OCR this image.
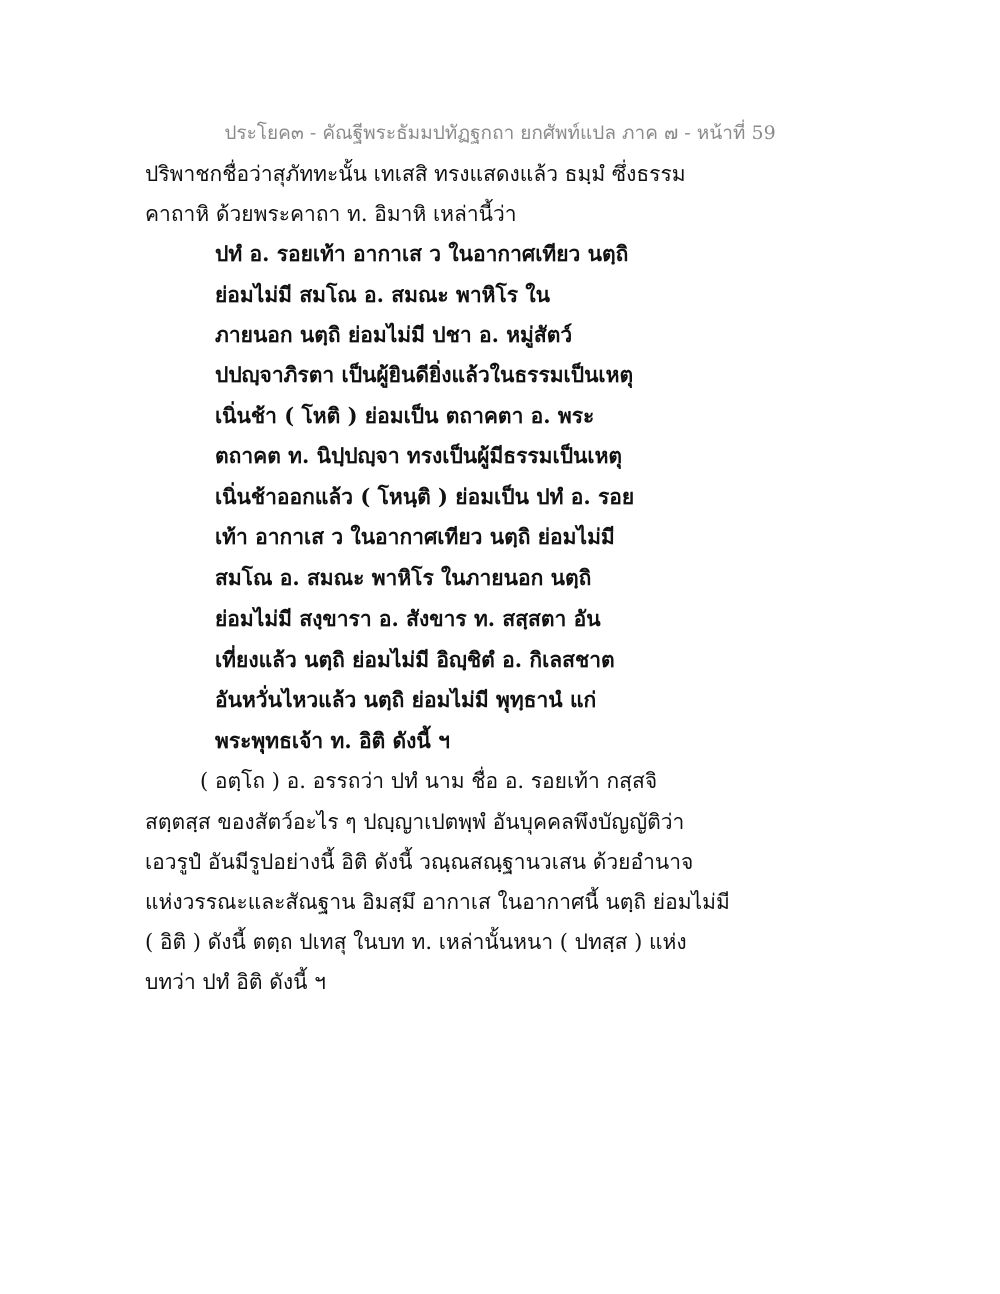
ประโยค๓ - คัณฐีพระธัมมปทัฏฐกถา ยกศัพท์แปล ภาค ๗ - หน้าที่ 59
ปริพาชกชื่อว่าสุภัททะนั้น เทเสสิ ทรงแสดงแล้ว ธมฺมํ ซึ่งธรรม
คาถาหิ ด้วยพระคาถา ท. อิมาหิ เหล่านี้ว่า
ปทํ อ. รอยเท้า อากาเส ว ในอากาศเทียว นตฺถิ
ย่อมไม่มี สมโณ อ. สมณะ พาหิโร ใน
ภายนอก นตฺถิ ย่อมไม่มี ปชา อ. หมู่สัตว์
ปปญฺจาภิรตา เป็นผู้ยินดียิ่งแล้วในธรรมเป็นเหตุ
เนิ่นช้า ( โหติ ) ย่อมเป็น ตถาคตา อ. พระ
ตถาคต ท. นิปฺปญฺจา ทรงเป็นผู้มีธรรมเป็นเหตุ
เนิ่นช้าออกแล้ว ( โหนฺติ ) ย่อมเป็น ปทํ อ. รอย
เท้า อากาเส ว ในอากาศเทียว นตฺถิ ย่อมไม่มี
สมโณ อ. สมณะ พาหิโร ในภายนอก นตฺถิ
ย่อมไม่มี สงฺขารา อ. สังขาร ท. สสฺสตา อัน
เที่ยงแล้ว นตฺถิ ย่อมไม่มี อิญฺชิตํ อ. กิเลสชาต
อันหวั่นไหวแล้ว นตฺถิ ย่อมไม่มี พุทฺธานํ แก่
พระพุทธเจ้า ท. อิติ ดังนี้ ฯ
( อตฺโถ ) อ. อรรถว่า ปทํ นาม ชื่อ อ. รอยเท้า กสฺสจิ
สตฺตสฺส ของสัตว์อะไร ๆ ปญฺญาเปตพฺพํ อันบุคคลพึงบัญญัติว่า
เอวรูปํ อันมีรูปอย่างนี้ อิติ ดังนี้ วณฺณสณฺฐานวเสน ด้วยอำนาจ
แห่งวรรณะและสัณฐาน อิมสฺมึ อากาเส ในอากาศนี้ นตฺถิ ย่อมไม่มี
( อิติ ) ดังนี้ ตตฺถ ปเทสุ ในบท ท. เหล่านั้นหนา ( ปทสฺส ) แห่ง
บทว่า ปทํ อิติ ดังนี้ ฯ
